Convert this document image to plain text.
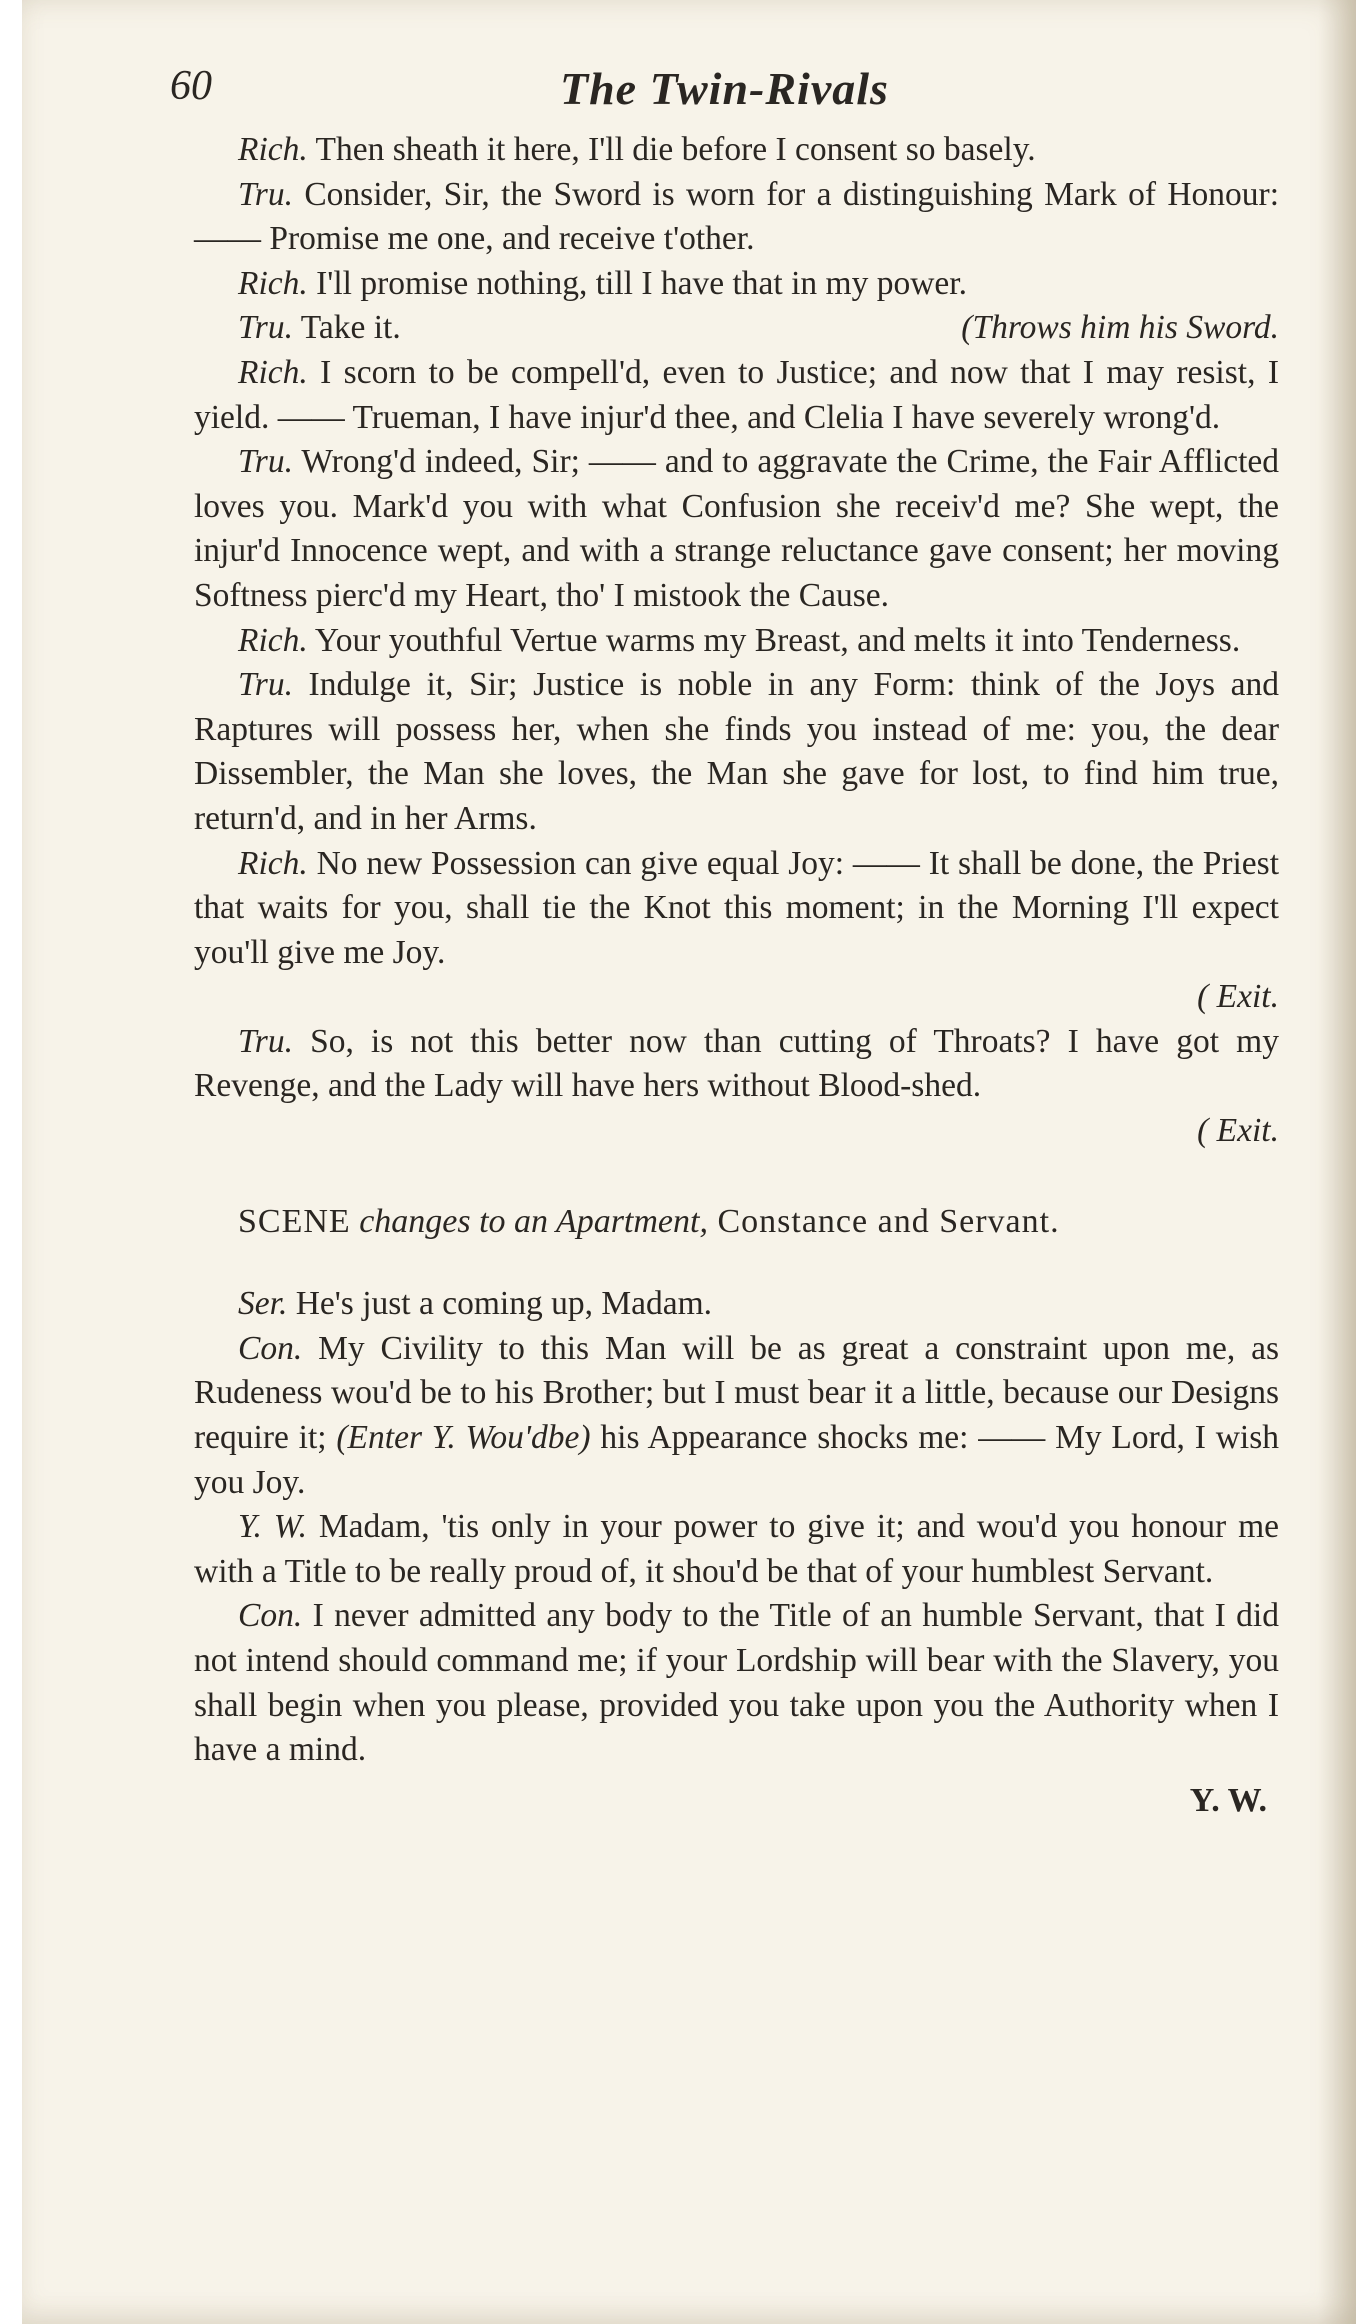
60	The Twin-Rivals

Rich. Then sheath it here, I'll die before I consent so basely.

Tru. Consider, Sir, the Sword is worn for a distinguishing Mark of Honour: —— Promise me one, and receive t'other.

Rich. I'll promise nothing, till I have that in my power.

Tru. Take it.	(Throws him his Sword.

Rich. I scorn to be compell'd, even to Justice; and now that I may resist, I yield. —— Trueman, I have injur'd thee, and Clelia I have severely wrong'd.

Tru. Wrong'd indeed, Sir; —— and to aggravate the Crime, the Fair Afflicted loves you. Mark'd you with what Confusion she receiv'd me? She wept, the injur'd Innocence wept, and with a strange reluctance gave consent; her moving Softness pierc'd my Heart, tho' I mistook the Cause.

Rich. Your youthful Vertue warms my Breast, and melts it into Tenderness.

Tru. Indulge it, Sir; Justice is noble in any Form: think of the Joys and Raptures will possess her, when she finds you instead of me: you, the dear Dissembler, the Man she loves, the Man she gave for lost, to find him true, return'd, and in her Arms.

Rich. No new Possession can give equal Joy: —— It shall be done, the Priest that waits for you, shall tie the Knot this moment; in the Morning I'll expect you'll give me Joy.

( Exit.

Tru. So, is not this better now than cutting of Throats? I have got my Revenge, and the Lady will have hers without Blood-shed.

( Exit.

SCENE changes to an Apartment, Constance and Servant.

Ser. He's just a coming up, Madam.

Con. My Civility to this Man will be as great a constraint upon me, as Rudeness wou'd be to his Brother; but I must bear it a little, because our Designs require it; (Enter Y. Wou'dbe) his Appearance shocks me: —— My Lord, I wish you Joy.

Y. W. Madam, 'tis only in your power to give it; and wou'd you honour me with a Title to be really proud of, it shou'd be that of your humblest Servant.

Con. I never admitted any body to the Title of an humble Servant, that I did not intend should command me; if your Lordship will bear with the Slavery, you shall begin when you please, provided you take upon you the Authority when I have a mind.

Y. W.
